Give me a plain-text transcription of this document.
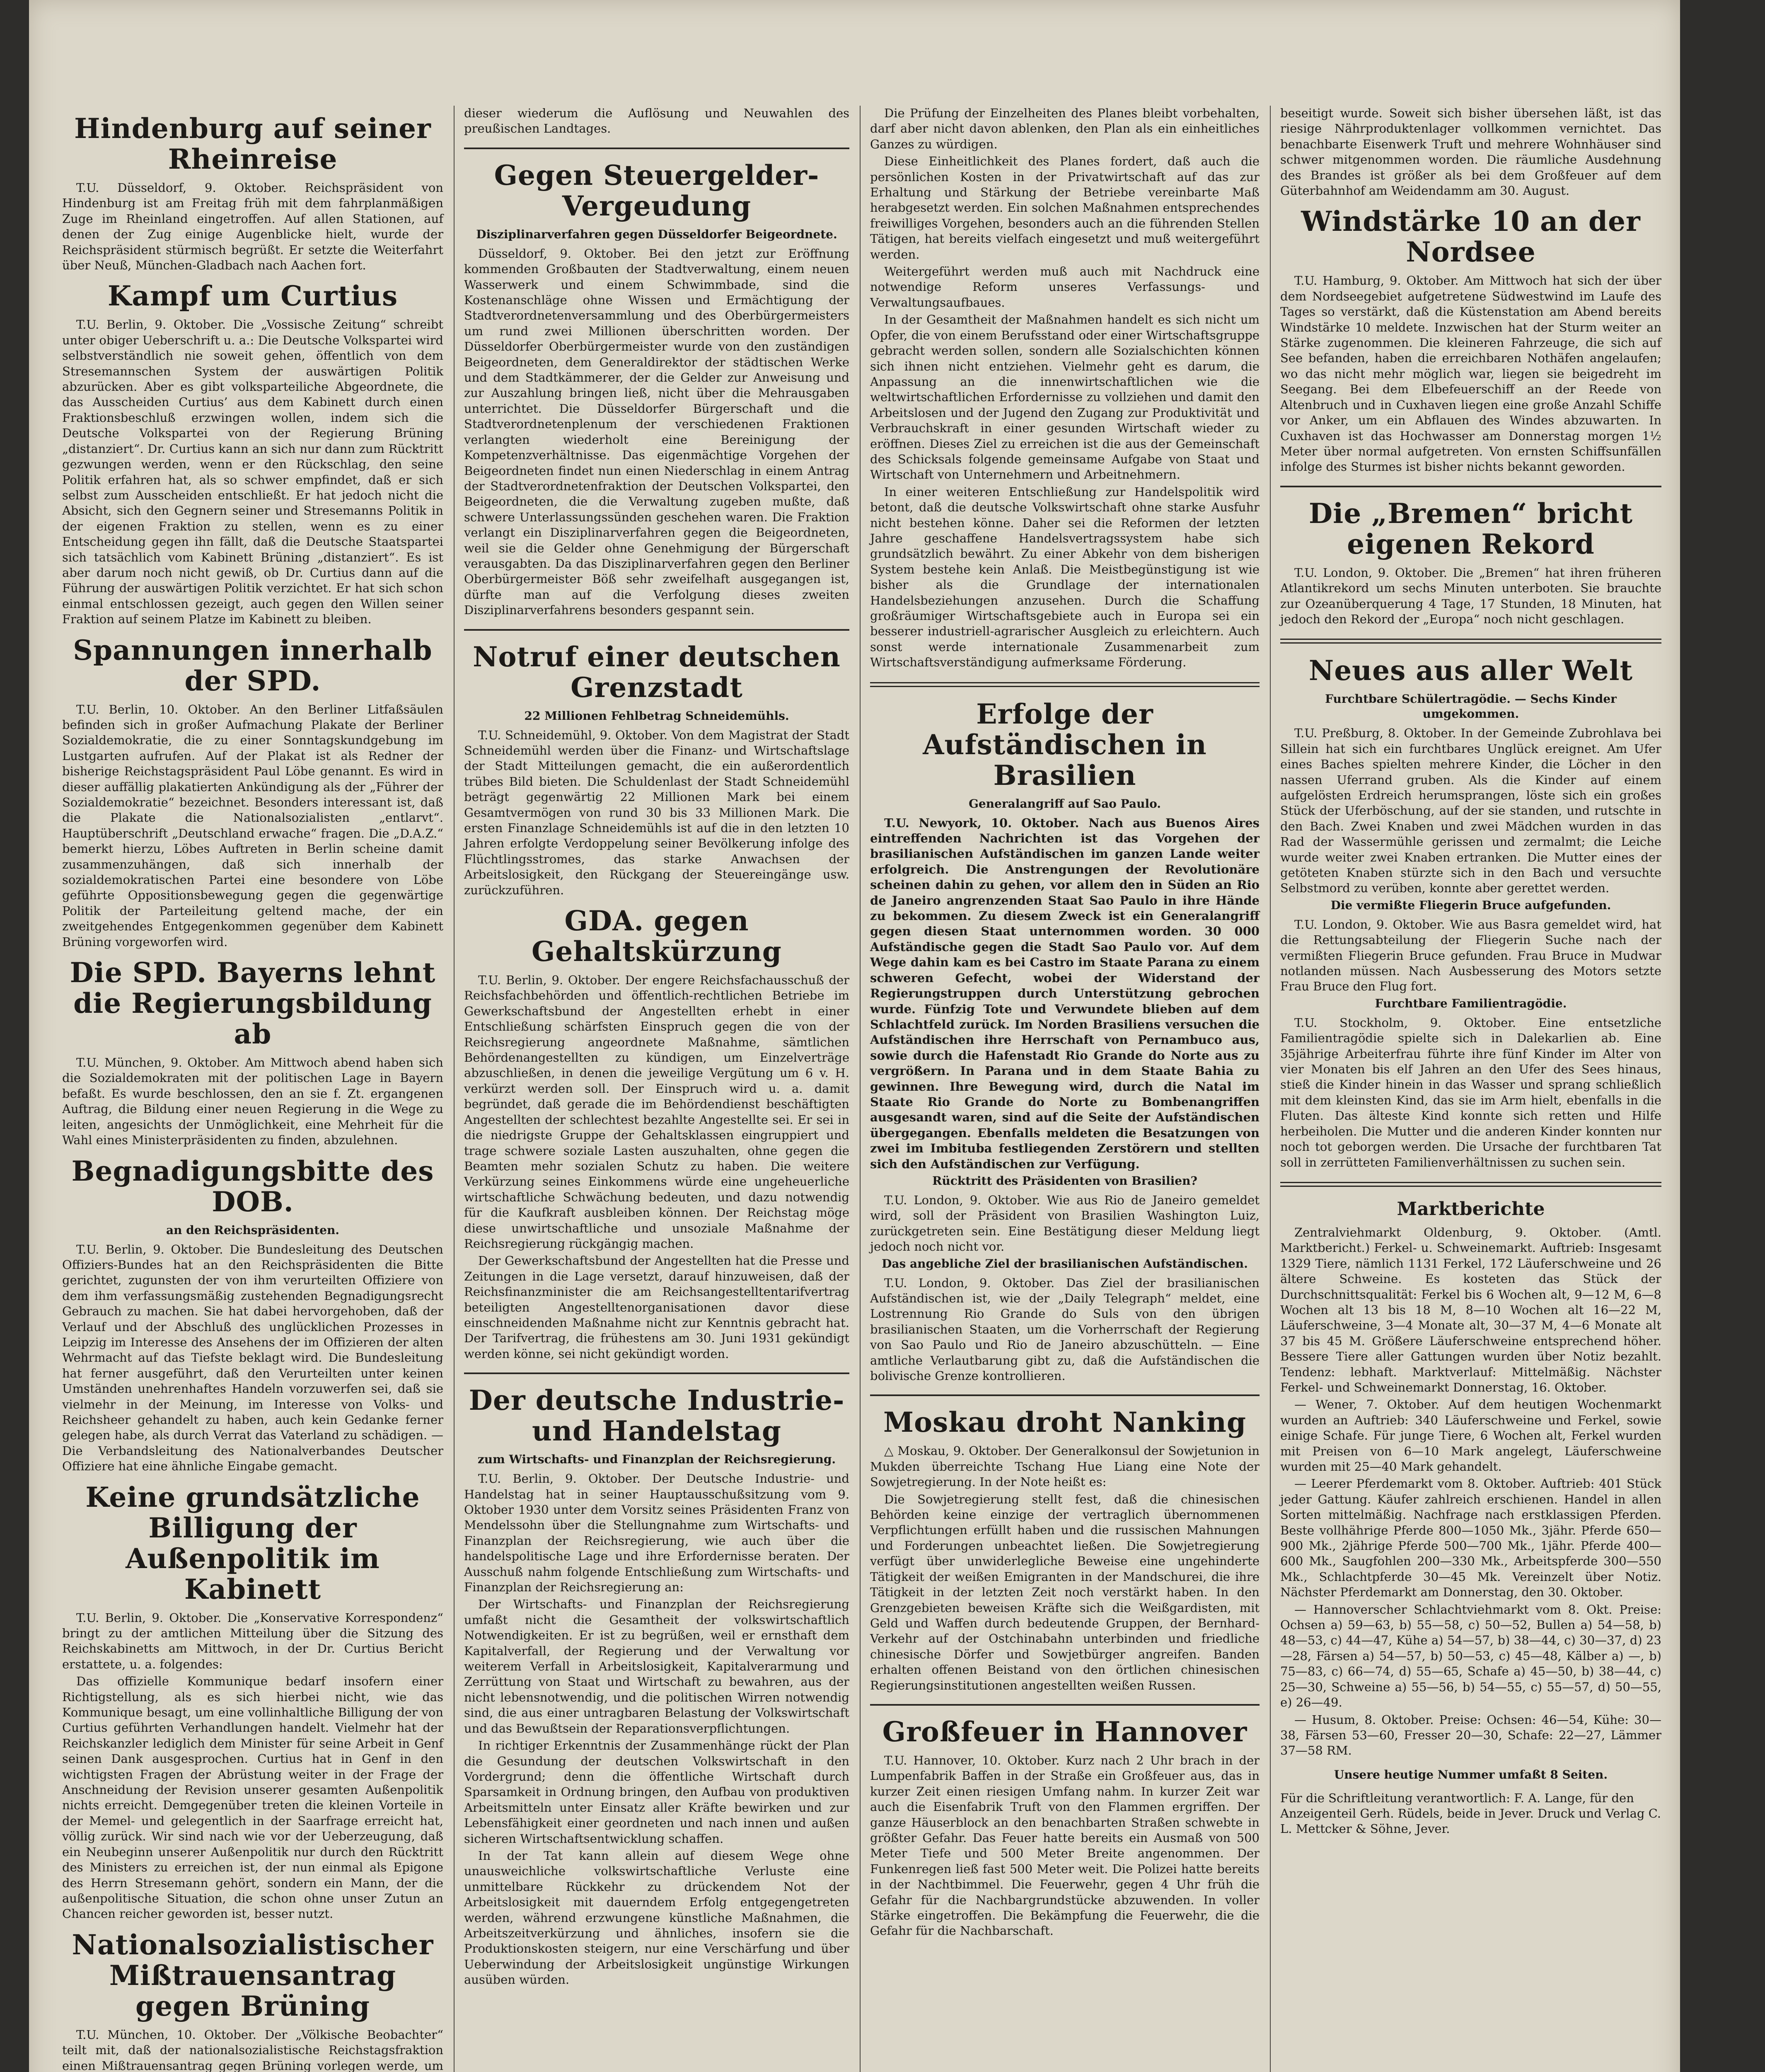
Hindenburg auf seiner Rheinreise

T.U. Düsseldorf, 9. Oktober. Reichspräsident von Hindenburg ist am Freitag früh mit dem fahrplanmäßigen Zuge im Rheinland eingetroffen. Auf allen Stationen, auf denen der Zug einige Augenblicke hielt, wurde der Reichspräsident stürmisch begrüßt. Er setzte die Weiterfahrt über Neuß, München-Gladbach nach Aachen fort.

Kampf um Curtius

T.U. Berlin, 9. Oktober. Die „Vossische Zeitung“ schreibt unter obiger Ueberschrift u. a.: Die Deutsche Volkspartei wird selbstverständlich nie soweit gehen, öffentlich von dem Stresemannschen System der auswärtigen Politik abzurücken. Aber es gibt volksparteiliche Abgeordnete, die das Ausscheiden Curtius’ aus dem Kabinett durch einen Fraktionsbeschluß erzwingen wollen, indem sich die Deutsche Volkspartei von der Regierung Brüning „distanziert“. Dr. Curtius kann an sich nur dann zum Rücktritt gezwungen werden, wenn er den Rückschlag, den seine Politik erfahren hat, als so schwer empfindet, daß er sich selbst zum Ausscheiden entschließt. Er hat jedoch nicht die Absicht, sich den Gegnern seiner und Stresemanns Politik in der eigenen Fraktion zu stellen, wenn es zu einer Entscheidung gegen ihn fällt, daß die Deutsche Staatspartei sich tatsächlich vom Kabinett Brüning „distanziert“. Es ist aber darum noch nicht gewiß, ob Dr. Curtius dann auf die Führung der auswärtigen Politik verzichtet. Er hat sich schon einmal entschlossen gezeigt, auch gegen den Willen seiner Fraktion auf seinem Platze im Kabinett zu bleiben.

Spannungen innerhalb der SPD.

T.U. Berlin, 10. Oktober. An den Berliner Litfaßsäulen befinden sich in großer Aufmachung Plakate der Berliner Sozialdemokratie, die zu einer Sonntagskundgebung im Lustgarten aufrufen. Auf der Plakat ist als Redner der bisherige Reichstagspräsident Paul Löbe genannt. Es wird in dieser auffällig plakatierten Ankündigung als der „Führer der Sozialdemokratie“ bezeichnet. Besonders interessant ist, daß die Plakate die Nationalsozialisten „entlarvt“. Hauptüberschrift „Deutschland erwache“ fragen. Die „D.A.Z.“ bemerkt hierzu, Löbes Auftreten in Berlin scheine damit zusammenzuhängen, daß sich innerhalb der sozialdemokratischen Partei eine besondere von Löbe geführte Oppositionsbewegung gegen die gegenwärtige Politik der Parteileitung geltend mache, der ein zweitgehendes Entgegenkommen gegenüber dem Kabinett Brüning vorgeworfen wird.

Die SPD. Bayerns lehnt die Regierungsbildung ab

T.U. München, 9. Oktober. Am Mittwoch abend haben sich die Sozialdemokraten mit der politischen Lage in Bayern befaßt. Es wurde beschlossen, den an sie f. Zt. ergangenen Auftrag, die Bildung einer neuen Regierung in die Wege zu leiten, angesichts der Unmöglichkeit, eine Mehrheit für die Wahl eines Ministerpräsidenten zu finden, abzulehnen.

Begnadigungsbitte des DOB.
an den Reichspräsidenten.

T.U. Berlin, 9. Oktober. Die Bundesleitung des Deutschen Offiziers-Bundes hat an den Reichspräsidenten die Bitte gerichtet, zugunsten der von ihm verurteilten Offiziere von dem ihm verfassungsmäßig zustehenden Begnadigungsrecht Gebrauch zu machen. Sie hat dabei hervorgehoben, daß der Verlauf und der Abschluß des unglücklichen Prozesses in Leipzig im Interesse des Ansehens der im Offizieren der alten Wehrmacht auf das Tiefste beklagt wird. Die Bundesleitung hat ferner ausgeführt, daß den Verurteilten unter keinen Umständen unehrenhaftes Handeln vorzuwerfen sei, daß sie vielmehr in der Meinung, im Interesse von Volks- und Reichsheer gehandelt zu haben, auch kein Gedanke ferner gelegen habe, als durch Verrat das Vaterland zu schädigen. — Die Verbandsleitung des Nationalverbandes Deutscher Offiziere hat eine ähnliche Eingabe gemacht.

Keine grundsätzliche Billigung der Außenpolitik im Kabinett

T.U. Berlin, 9. Oktober. Die „Konservative Korrespondenz“ bringt zu der amtlichen Mitteilung über die Sitzung des Reichskabinetts am Mittwoch, in der Dr. Curtius Bericht erstattete, u. a. folgendes:

Das offizielle Kommunique bedarf insofern einer Richtigstellung, als es sich hierbei nicht, wie das Kommunique besagt, um eine vollinhaltliche Billigung der von Curtius geführten Verhandlungen handelt. Vielmehr hat der Reichskanzler lediglich dem Minister für seine Arbeit in Genf seinen Dank ausgesprochen. Curtius hat in Genf in den wichtigsten Fragen der Abrüstung weiter in der Frage der Anschneidung der Revision unserer gesamten Außenpolitik nichts erreicht. Demgegenüber treten die kleinen Vorteile in der Memel- und gelegentlich in der Saarfrage erreicht hat, völlig zurück. Wir sind nach wie vor der Ueberzeugung, daß ein Neubeginn unserer Außenpolitik nur durch den Rücktritt des Ministers zu erreichen ist, der nun einmal als Epigone des Herrn Stresemann gehört, sondern ein Mann, der die außenpolitische Situation, die schon ohne unser Zutun an Chancen reicher geworden ist, besser nutzt.

Nationalsozialistischer Mißtrauensantrag gegen Brüning

T.U. München, 10. Oktober. Der „Völkische Beobachter“ teilt mit, daß der nationalsozialistische Reichstagsfraktion einen Mißtrauensantrag gegen Brüning vorlegen werde, um

dieser wiederum die Auflösung und Neuwahlen des preußischen Landtages.

Gegen Steuergelder-Vergeudung
Disziplinarverfahren gegen Düsseldorfer Beigeordnete.

Düsseldorf, 9. Oktober. Bei den jetzt zur Eröffnung kommenden Großbauten der Stadtverwaltung, einem neuen Wasserwerk und einem Schwimmbade, sind die Kostenanschläge ohne Wissen und Ermächtigung der Stadtverordnetenversammlung und des Oberbürgermeisters um rund zwei Millionen überschritten worden. Der Düsseldorfer Oberbürgermeister wurde von den zuständigen Beigeordneten, dem Generaldirektor der städtischen Werke und dem Stadtkämmerer, der die Gelder zur Anweisung und zur Auszahlung bringen ließ, nicht über die Mehrausgaben unterrichtet. Die Düsseldorfer Bürgerschaft und die Stadtverordnetenplenum der verschiedenen Fraktionen verlangten wiederholt eine Bereinigung der Kompetenzverhältnisse. Das eigenmächtige Vorgehen der Beigeordneten findet nun einen Niederschlag in einem Antrag der Stadtverordnetenfraktion der Deutschen Volkspartei, den Beigeordneten, die die Verwaltung zugeben mußte, daß schwere Unterlassungssünden geschehen waren. Die Fraktion verlangt ein Disziplinarverfahren gegen die Beigeordneten, weil sie die Gelder ohne Genehmigung der Bürgerschaft verausgabten. Da das Disziplinarverfahren gegen den Berliner Oberbürgermeister Böß sehr zweifelhaft ausgegangen ist, dürfte man auf die Verfolgung dieses zweiten Disziplinarverfahrens besonders gespannt sein.

Notruf einer deutschen Grenzstadt
22 Millionen Fehlbetrag Schneidemühls.

T.U. Schneidemühl, 9. Oktober. Von dem Magistrat der Stadt Schneidemühl werden über die Finanz- und Wirtschaftslage der Stadt Mitteilungen gemacht, die ein außerordentlich trübes Bild bieten. Die Schuldenlast der Stadt Schneidemühl beträgt gegenwärtig 22 Millionen Mark bei einem Gesamtvermögen von rund 30 bis 33 Millionen Mark. Die ersten Finanzlage Schneidemühls ist auf die in den letzten 10 Jahren erfolgte Verdoppelung seiner Bevölkerung infolge des Flüchtlingsstromes, das starke Anwachsen der Arbeitslosigkeit, den Rückgang der Steuereingänge usw. zurückzuführen.

GDA. gegen Gehaltskürzung

T.U. Berlin, 9. Oktober. Der engere Reichsfachausschuß der Reichsfachbehörden und öffentlich-rechtlichen Betriebe im Gewerkschaftsbund der Angestellten erhebt in einer Entschließung schärfsten Einspruch gegen die von der Reichsregierung angeordnete Maßnahme, sämtlichen Behördenangestellten zu kündigen, um Einzelverträge abzuschließen, in denen die jeweilige Vergütung um 6 v. H. verkürzt werden soll. Der Einspruch wird u. a. damit begründet, daß gerade die im Behördendienst beschäftigten Angestellten der schlechtest bezahlte Angestellte sei. Er sei in die niedrigste Gruppe der Gehaltsklassen eingruppiert und trage schwere soziale Lasten auszuhalten, ohne gegen die Beamten mehr sozialen Schutz zu haben. Die weitere Verkürzung seines Einkommens würde eine ungeheuerliche wirtschaftliche Schwächung bedeuten, und dazu notwendig für die Kaufkraft ausbleiben können. Der Reichstag möge diese unwirtschaftliche und unsoziale Maßnahme der Reichsregierung rückgängig machen.

Der Gewerkschaftsbund der Angestellten hat die Presse und Zeitungen in die Lage versetzt, darauf hinzuweisen, daß der Reichsfinanzminister die am Reichsangestelltentarifvertrag beteiligten Angestelltenorganisationen davor diese einschneidenden Maßnahme nicht zur Kenntnis gebracht hat. Der Tarifvertrag, die frühestens am 30. Juni 1931 gekündigt werden könne, sei nicht gekündigt worden.

Der deutsche Industrie- und Handelstag
zum Wirtschafts- und Finanzplan der Reichsregierung.

T.U. Berlin, 9. Oktober. Der Deutsche Industrie- und Handelstag hat in seiner Hauptausschußsitzung vom 9. Oktober 1930 unter dem Vorsitz seines Präsidenten Franz von Mendelssohn über die Stellungnahme zum Wirtschafts- und Finanzplan der Reichsregierung, wie auch über die handelspolitische Lage und ihre Erfordernisse beraten. Der Ausschuß nahm folgende Entschließung zum Wirtschafts- und Finanzplan der Reichsregierung an:

Der Wirtschafts- und Finanzplan der Reichsregierung umfaßt nicht die Gesamtheit der volkswirtschaftlich Notwendigkeiten. Er ist zu begrüßen, weil er ernsthaft dem Kapitalverfall, der Regierung und der Verwaltung vor weiterem Verfall in Arbeitslosigkeit, Kapitalverarmung und Zerrüttung von Staat und Wirtschaft zu bewahren, aus der nicht lebensnotwendig, und die politischen Wirren notwendig sind, die aus einer untragbaren Belastung der Volkswirtschaft und das Bewußtsein der Reparationsverpflichtungen.

In richtiger Erkenntnis der Zusammenhänge rückt der Plan die Gesundung der deutschen Volkswirtschaft in den Vordergrund; denn die öffentliche Wirtschaft durch Sparsamkeit in Ordnung bringen, den Aufbau von produktiven Arbeitsmitteln unter Einsatz aller Kräfte bewirken und zur Lebensfähigkeit einer geordneten und nach innen und außen sicheren Wirtschaftsentwicklung schaffen.

In der Tat kann allein auf diesem Wege ohne unausweichliche volkswirtschaftliche Verluste eine unmittelbare Rückkehr zu drückendem Not der Arbeitslosigkeit mit dauerndem Erfolg entgegengetreten werden, während erzwungene künstliche Maßnahmen, die Arbeitszeitverkürzung und ähnliches, insofern sie die Produktionskosten steigern, nur eine Verschärfung und über Ueberwindung der Arbeitslosigkeit ungünstige Wirkungen ausüben würden.

Die Prüfung der Einzelheiten des Planes bleibt vorbehalten, darf aber nicht davon ablenken, den Plan als ein einheitliches Ganzes zu würdigen.

Diese Einheitlichkeit des Planes fordert, daß auch die persönlichen Kosten in der Privatwirtschaft auf das zur Erhaltung und Stärkung der Betriebe vereinbarte Maß herabgesetzt werden. Ein solchen Maßnahmen entsprechendes freiwilliges Vorgehen, besonders auch an die führenden Stellen Tätigen, hat bereits vielfach eingesetzt und muß weitergeführt werden.

Weitergeführt werden muß auch mit Nachdruck eine notwendige Reform unseres Verfassungs- und Verwaltungsaufbaues.

In der Gesamtheit der Maßnahmen handelt es sich nicht um Opfer, die von einem Berufsstand oder einer Wirtschaftsgruppe gebracht werden sollen, sondern alle Sozialschichten können sich ihnen nicht entziehen. Vielmehr geht es darum, die Anpassung an die innenwirtschaftlichen wie die weltwirtschaftlichen Erfordernisse zu vollziehen und damit den Arbeitslosen und der Jugend den Zugang zur Produktivität und Verbrauchskraft in einer gesunden Wirtschaft wieder zu eröffnen. Dieses Ziel zu erreichen ist die aus der Gemeinschaft des Schicksals folgende gemeinsame Aufgabe von Staat und Wirtschaft von Unternehmern und Arbeitnehmern.

In einer weiteren Entschließung zur Handelspolitik wird betont, daß die deutsche Volkswirtschaft ohne starke Ausfuhr nicht bestehen könne. Daher sei die Reformen der letzten Jahre geschaffene Handelsvertragssystem habe sich grundsätzlich bewährt. Zu einer Abkehr von dem bisherigen System bestehe kein Anlaß. Die Meistbegünstigung ist wie bisher als die Grundlage der internationalen Handelsbeziehungen anzusehen. Durch die Schaffung großräumiger Wirtschaftsgebiete auch in Europa sei ein besserer industriell-agrarischer Ausgleich zu erleichtern. Auch sonst werde internationale Zusammenarbeit zum Wirtschaftsverständigung aufmerksame Förderung.

Erfolge der Aufständischen in Brasilien
Generalangriff auf Sao Paulo.

T.U. Newyork, 10. Oktober. Nach aus Buenos Aires eintreffenden Nachrichten ist das Vorgehen der brasilianischen Aufständischen im ganzen Lande weiter erfolgreich. Die Anstrengungen der Revolutionäre scheinen dahin zu gehen, vor allem den in Süden an Rio de Janeiro angrenzenden Staat Sao Paulo in ihre Hände zu bekommen. Zu diesem Zweck ist ein Generalangriff gegen diesen Staat unternommen worden. 30 000 Aufständische gegen die Stadt Sao Paulo vor. Auf dem Wege dahin kam es bei Castro im Staate Parana zu einem schweren Gefecht, wobei der Widerstand der Regierungstruppen durch Unterstützung gebrochen wurde. Fünfzig Tote und Verwundete blieben auf dem Schlachtfeld zurück. Im Norden Brasiliens versuchen die Aufständischen ihre Herrschaft von Pernambuco aus, sowie durch die Hafenstadt Rio Grande do Norte aus zu vergrößern. In Parana und in dem Staate Bahia zu gewinnen. Ihre Bewegung wird, durch die Natal im Staate Rio Grande do Norte zu Bombenangriffen ausgesandt waren, sind auf die Seite der Aufständischen übergegangen. Ebenfalls meldeten die Besatzungen von zwei im Imbituba festliegenden Zerstörern und stellten sich den Aufständischen zur Verfügung.

Rücktritt des Präsidenten von Brasilien?

T.U. London, 9. Oktober. Wie aus Rio de Janeiro gemeldet wird, soll der Präsident von Brasilien Washington Luiz, zurückgetreten sein. Eine Bestätigung dieser Meldung liegt jedoch noch nicht vor.

Das angebliche Ziel der brasilianischen Aufständischen.

T.U. London, 9. Oktober. Das Ziel der brasilianischen Aufständischen ist, wie der „Daily Telegraph“ meldet, eine Lostrennung Rio Grande do Suls von den übrigen brasilianischen Staaten, um die Vorherrschaft der Regierung von Sao Paulo und Rio de Janeiro abzuschütteln. — Eine amtliche Verlautbarung gibt zu, daß die Aufständischen die bolivische Grenze kontrollieren.

Moskau droht Nanking

△ Moskau, 9. Oktober. Der Generalkonsul der Sowjetunion in Mukden überreichte Tschang Hue Liang eine Note der Sowjetregierung. In der Note heißt es:

Die Sowjetregierung stellt fest, daß die chinesischen Behörden keine einzige der vertraglich übernommenen Verpflichtungen erfüllt haben und die russischen Mahnungen und Forderungen unbeachtet ließen. Die Sowjetregierung verfügt über unwiderlegliche Beweise eine ungehinderte Tätigkeit der weißen Emigranten in der Mandschurei, die ihre Tätigkeit in der letzten Zeit noch verstärkt haben. In den Grenzgebieten beweisen Kräfte sich die Weißgardisten, mit Geld und Waffen durch bedeutende Gruppen, der Bernhard-Verkehr auf der Ostchinabahn unterbinden und friedliche chinesische Dörfer und Sowjetbürger angreifen. Banden erhalten offenen Beistand von den örtlichen chinesischen Regierungsinstitutionen angestellten weißen Russen.

Großfeuer in Hannover

T.U. Hannover, 10. Oktober. Kurz nach 2 Uhr brach in der Lumpenfabrik Baffen in der Straße ein Großfeuer aus, das in kurzer Zeit einen riesigen Umfang nahm. In kurzer Zeit war auch die Eisenfabrik Truft von den Flammen ergriffen. Der ganze Häuserblock an den benachbarten Straßen schwebte in größter Gefahr. Das Feuer hatte bereits ein Ausmaß von 500 Meter Tiefe und 500 Meter Breite angenommen. Der Funkenregen ließ fast 500 Meter weit. Die Polizei hatte bereits in der Nachtbimmel. Die Feuerwehr, gegen 4 Uhr früh die Gefahr für die Nachbargrundstücke abzuwenden. In voller Stärke eingetroffen. Die Bekämpfung die Feuerwehr, die die Gefahr für die Nachbarschaft.

beseitigt wurde. Soweit sich bisher übersehen läßt, ist das riesige Nährproduktenlager vollkommen vernichtet. Das benachbarte Eisenwerk Truft und mehrere Wohnhäuser sind schwer mitgenommen worden. Die räumliche Ausdehnung des Brandes ist größer als bei dem Großfeuer auf dem Güterbahnhof am Weidendamm am 30. August.

Windstärke 10 an der Nordsee

T.U. Hamburg, 9. Oktober. Am Mittwoch hat sich der über dem Nordseegebiet aufgetretene Südwestwind im Laufe des Tages so verstärkt, daß die Küstenstation am Abend bereits Windstärke 10 meldete. Inzwischen hat der Sturm weiter an Stärke zugenommen. Die kleineren Fahrzeuge, die sich auf See befanden, haben die erreichbaren Nothäfen angelaufen; wo das nicht mehr möglich war, liegen sie beigedreht im Seegang. Bei dem Elbefeuerschiff an der Reede von Altenbruch und in Cuxhaven liegen eine große Anzahl Schiffe vor Anker, um ein Abflauen des Windes abzuwarten. In Cuxhaven ist das Hochwasser am Donnerstag morgen 1½ Meter über normal aufgetreten. Von ernsten Schiffsunfällen infolge des Sturmes ist bisher nichts bekannt geworden.

Die „Bremen“ bricht eigenen Rekord

T.U. London, 9. Oktober. Die „Bremen“ hat ihren früheren Atlantikrekord um sechs Minuten unterboten. Sie brauchte zur Ozeanüberquerung 4 Tage, 17 Stunden, 18 Minuten, hat jedoch den Rekord der „Europa“ noch nicht geschlagen.

Neues aus aller Welt
Furchtbare Schülertragödie. — Sechs Kinder umgekommen.

T.U. Preßburg, 8. Oktober. In der Gemeinde Zubrohlava bei Sillein hat sich ein furchtbares Unglück ereignet. Am Ufer eines Baches spielten mehrere Kinder, die Löcher in den nassen Uferrand gruben. Als die Kinder auf einem aufgelösten Erdreich herumsprangen, löste sich ein großes Stück der Uferböschung, auf der sie standen, und rutschte in den Bach. Zwei Knaben und zwei Mädchen wurden in das Rad der Wassermühle gerissen und zermalmt; die Leiche wurde weiter zwei Knaben ertranken. Die Mutter eines der getöteten Knaben stürzte sich in den Bach und versuchte Selbstmord zu verüben, konnte aber gerettet werden.

Die vermißte Fliegerin Bruce aufgefunden.

T.U. London, 9. Oktober. Wie aus Basra gemeldet wird, hat die Rettungsabteilung der Fliegerin Suche nach der vermißten Fliegerin Bruce gefunden. Frau Bruce in Mudwar notlanden müssen. Nach Ausbesserung des Motors setzte Frau Bruce den Flug fort.

Furchtbare Familientragödie.

T.U. Stockholm, 9. Oktober. Eine entsetzliche Familientragödie spielte sich in Dalekarlien ab. Eine 35jährige Arbeiterfrau führte ihre fünf Kinder im Alter von vier Monaten bis elf Jahren an den Ufer des Sees hinaus, stieß die Kinder hinein in das Wasser und sprang schließlich mit dem kleinsten Kind, das sie im Arm hielt, ebenfalls in die Fluten. Das älteste Kind konnte sich retten und Hilfe herbeiholen. Die Mutter und die anderen Kinder konnten nur noch tot geborgen werden. Die Ursache der furchtbaren Tat soll in zerrütteten Familienverhältnissen zu suchen sein.

Marktberichte

Zentralviehmarkt Oldenburg, 9. Oktober. (Amtl. Marktbericht.) Ferkel- u. Schweinemarkt. Auftrieb: Insgesamt 1329 Tiere, nämlich 1131 Ferkel, 172 Läuferschweine und 26 ältere Schweine. Es kosteten das Stück der Durchschnittsqualität: Ferkel bis 6 Wochen alt, 9—12 M, 6—8 Wochen alt 13 bis 18 M, 8—10 Wochen alt 16—22 M, Läuferschweine, 3—4 Monate alt, 30—37 M, 4—6 Monate alt 37 bis 45 M. Größere Läuferschweine entsprechend höher. Bessere Tiere aller Gattungen wurden über Notiz bezahlt. Tendenz: lebhaft. Marktverlauf: Mittelmäßig. Nächster Ferkel- und Schweinemarkt Donnerstag, 16. Oktober.

— Wener, 7. Oktober. Auf dem heutigen Wochenmarkt wurden an Auftrieb: 340 Läuferschweine und Ferkel, sowie einige Schafe. Für junge Tiere, 6 Wochen alt, Ferkel wurden mit Preisen von 6—10 Mark angelegt, Läuferschweine wurden mit 25—40 Mark gehandelt.

— Leerer Pferdemarkt vom 8. Oktober. Auftrieb: 401 Stück jeder Gattung. Käufer zahlreich erschienen. Handel in allen Sorten mittelmäßig. Nachfrage nach erstklassigen Pferden. Beste vollhährige Pferde 800—1050 Mk., 3jähr. Pferde 650—900 Mk., 2jährige Pferde 500—700 Mk., 1jähr. Pferde 400—600 Mk., Saugfohlen 200—330 Mk., Arbeitspferde 300—550 Mk., Schlachtpferde 30—45 Mk. Vereinzelt über Notiz. Nächster Pferdemarkt am Donnerstag, den 30. Oktober.

— Hannoverscher Schlachtviehmarkt vom 8. Okt. Preise: Ochsen a) 59—63, b) 55—58, c) 50—52, Bullen a) 54—58, b) 48—53, c) 44—47, Kühe a) 54—57, b) 38—44, c) 30—37, d) 23—28, Färsen a) 54—57, b) 50—53, c) 45—48, Kälber a) —, b) 75—83, c) 66—74, d) 55—65, Schafe a) 45—50, b) 38—44, c) 25—30, Schweine a) 55—56, b) 54—55, c) 55—57, d) 50—55, e) 26—49.

— Husum, 8. Oktober. Preise: Ochsen: 46—54, Kühe: 30—38, Färsen 53—60, Fresser 20—30, Schafe: 22—27, Lämmer 37—58 RM.

Unsere heutige Nummer umfaßt 8 Seiten.
Für die Schriftleitung verantwortlich: F. A. Lange, für den Anzeigenteil Gerh. Rüdels, beide in Jever. Druck und Verlag C. L. Mettcker & Söhne, Jever.
